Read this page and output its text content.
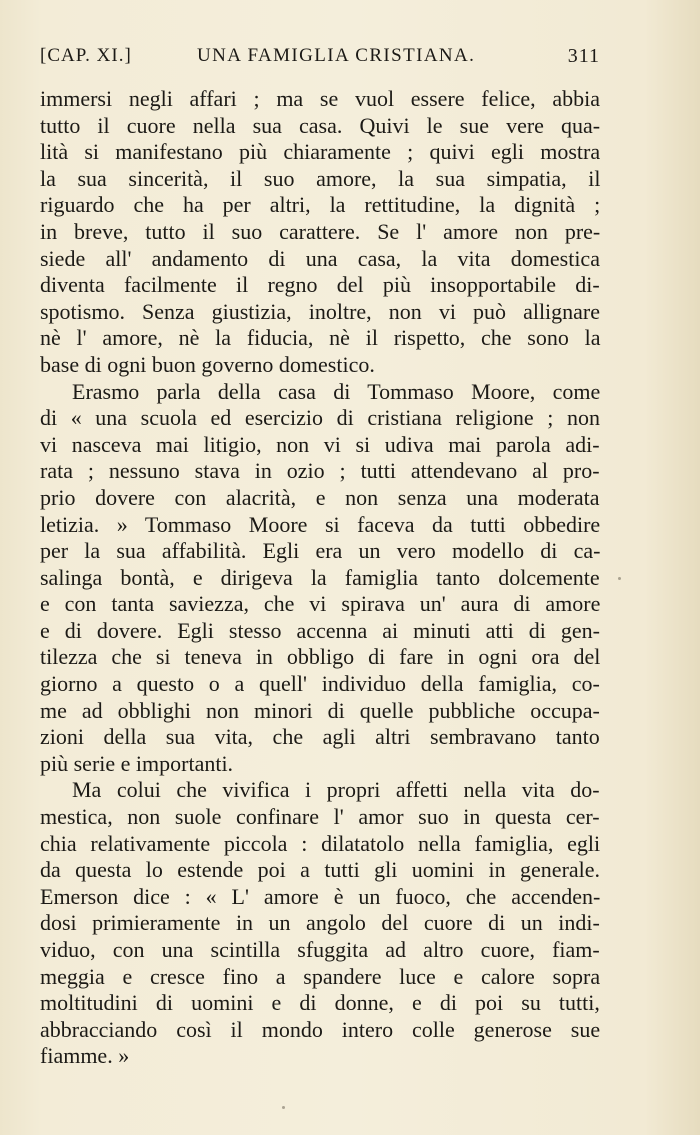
[CAP. XI.]	UNA FAMIGLIA CRISTIANA.	311
immersi negli affari ; ma se vuol essere felice, abbia
tutto il cuore nella sua casa. Quivi le sue vere qua-
lità si manifestano più chiaramente ; quivi egli mostra
la sua sincerità, il suo amore, la sua simpatia, il
riguardo che ha per altri, la rettitudine, la dignità ;
in breve, tutto il suo carattere. Se l' amore non pre-
siede all' andamento di una casa, la vita domestica
diventa facilmente il regno del più insopportabile di-
spotismo. Senza giustizia, inoltre, non vi può allignare
nè l' amore, nè la fiducia, nè il rispetto, che sono la
base di ogni buon governo domestico.
Erasmo parla della casa di Tommaso Moore, come
di « una scuola ed esercizio di cristiana religione ; non
vi nasceva mai litigio, non vi si udiva mai parola adi-
rata ; nessuno stava in ozio ; tutti attendevano al pro-
prio dovere con alacrità, e non senza una moderata
letizia. » Tommaso Moore si faceva da tutti obbedire
per la sua affabilità. Egli era un vero modello di ca-
salinga bontà, e dirigeva la famiglia tanto dolcemente
e con tanta saviezza, che vi spirava un' aura di amore
e di dovere. Egli stesso accenna ai minuti atti di gen-
tilezza che si teneva in obbligo di fare in ogni ora del
giorno a questo o a quell' individuo della famiglia, co-
me ad obblighi non minori di quelle pubbliche occupa-
zioni della sua vita, che agli altri sembravano tanto
più serie e importanti.
Ma colui che vivifica i propri affetti nella vita do-
mestica, non suole confinare l' amor suo in questa cer-
chia relativamente piccola : dilatatolo nella famiglia, egli
da questa lo estende poi a tutti gli uomini in generale.
Emerson dice : « L' amore è un fuoco, che accenden-
dosi primieramente in un angolo del cuore di un indi-
viduo, con una scintilla sfuggita ad altro cuore, fiam-
meggia e cresce fino a spandere luce e calore sopra
moltitudini di uomini e di donne, e di poi su tutti,
abbracciando così il mondo intero colle generose sue
fiamme. »
